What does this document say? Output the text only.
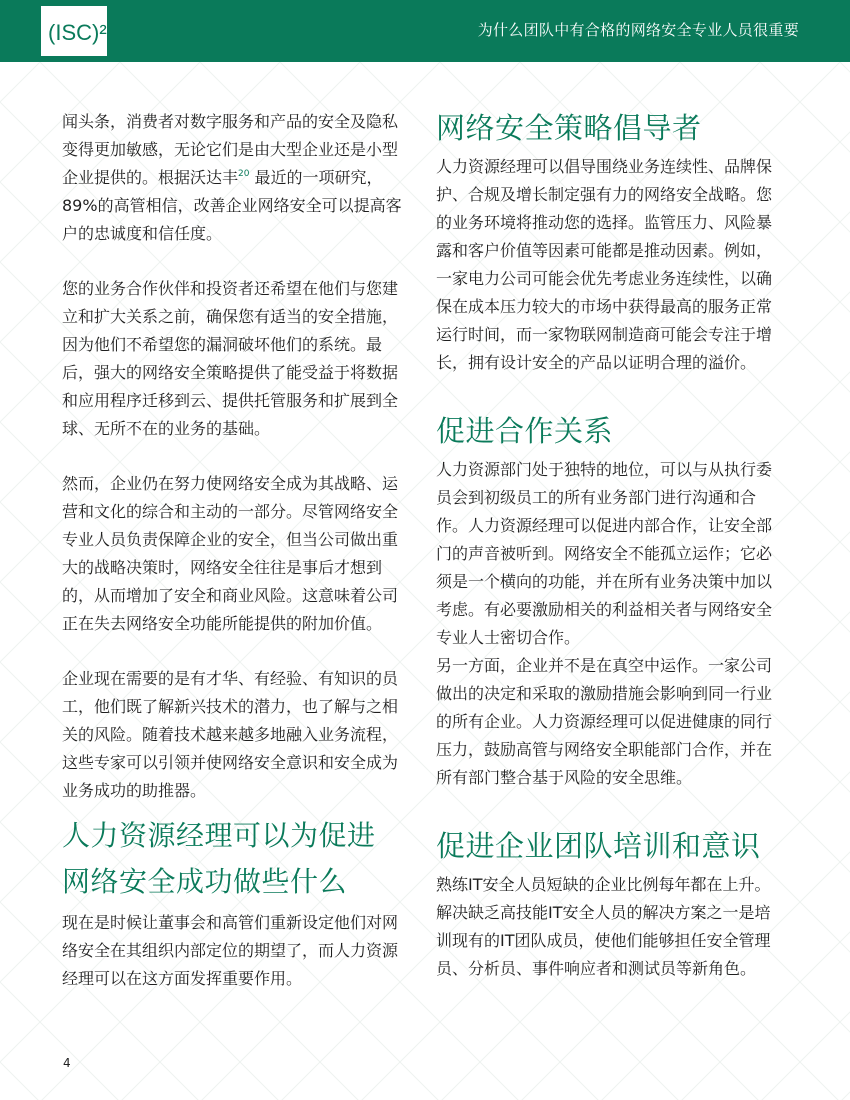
(ISC)²	为什么团队中有合格的网络安全专业人员很重要

闻头条，消费者对数字服务和产品的安全及隐私变得更加敏感，无论它们是由大型企业还是小型企业提供的。根据沃达丰$^{20}$ 最近的一项研究，89%的高管相信，改善企业网络安全可以提高客户的忠诚度和信任度。

您的业务合作伙伴和投资者还希望在他们与您建立和扩大关系之前，确保您有适当的安全措施，因为他们不希望您的漏洞破坏他们的系统。最后，强大的网络安全策略提供了能受益于将数据和应用程序迁移到云、提供托管服务和扩展到全球、无所不在的业务的基础。

然而，企业仍在努力使网络安全成为其战略、运营和文化的综合和主动的一部分。尽管网络安全专业人员负责保障企业的安全，但当公司做出重大的战略决策时，网络安全往往是事后才想到的，从而增加了安全和商业风险。这意味着公司正在失去网络安全功能所能提供的附加价值。

企业现在需要的是有才华、有经验、有知识的员工，他们既了解新兴技术的潜力，也了解与之相关的风险。随着技术越来越多地融入业务流程，这些专家可以引领并使网络安全意识和安全成为业务成功的助推器。

人力资源经理可以为促进网络安全成功做些什么

现在是时候让董事会和高管们重新设定他们对网络安全在其组织内部定位的期望了，而人力资源经理可以在这方面发挥重要作用。

网络安全策略倡导者

人力资源经理可以倡导围绕业务连续性、品牌保护、合规及增长制定强有力的网络安全战略。您的业务环境将推动您的选择。监管压力、风险暴露和客户价值等因素可能都是推动因素。例如，一家电力公司可能会优先考虑业务连续性，以确保在成本压力较大的市场中获得最高的服务正常运行时间，而一家物联网制造商可能会专注于增长，拥有设计安全的产品以证明合理的溢价。

促进合作关系

人力资源部门处于独特的地位，可以与从执行委员会到初级员工的所有业务部门进行沟通和合作。人力资源经理可以促进内部合作，让安全部门的声音被听到。网络安全不能孤立运作；它必须是一个横向的功能，并在所有业务决策中加以考虑。有必要激励相关的利益相关者与网络安全专业人士密切合作。

另一方面，企业并不是在真空中运作。一家公司做出的决定和采取的激励措施会影响到同一行业的所有企业。人力资源经理可以促进健康的同行压力，鼓励高管与网络安全职能部门合作，并在所有部门整合基于风险的安全思维。

促进企业团队培训和意识

熟练IT安全人员短缺的企业比例每年都在上升。解决缺乏高技能IT安全人员的解决方案之一是培训现有的IT团队成员，使他们能够担任安全管理员、分析员、事件响应者和测试员等新角色。

4
